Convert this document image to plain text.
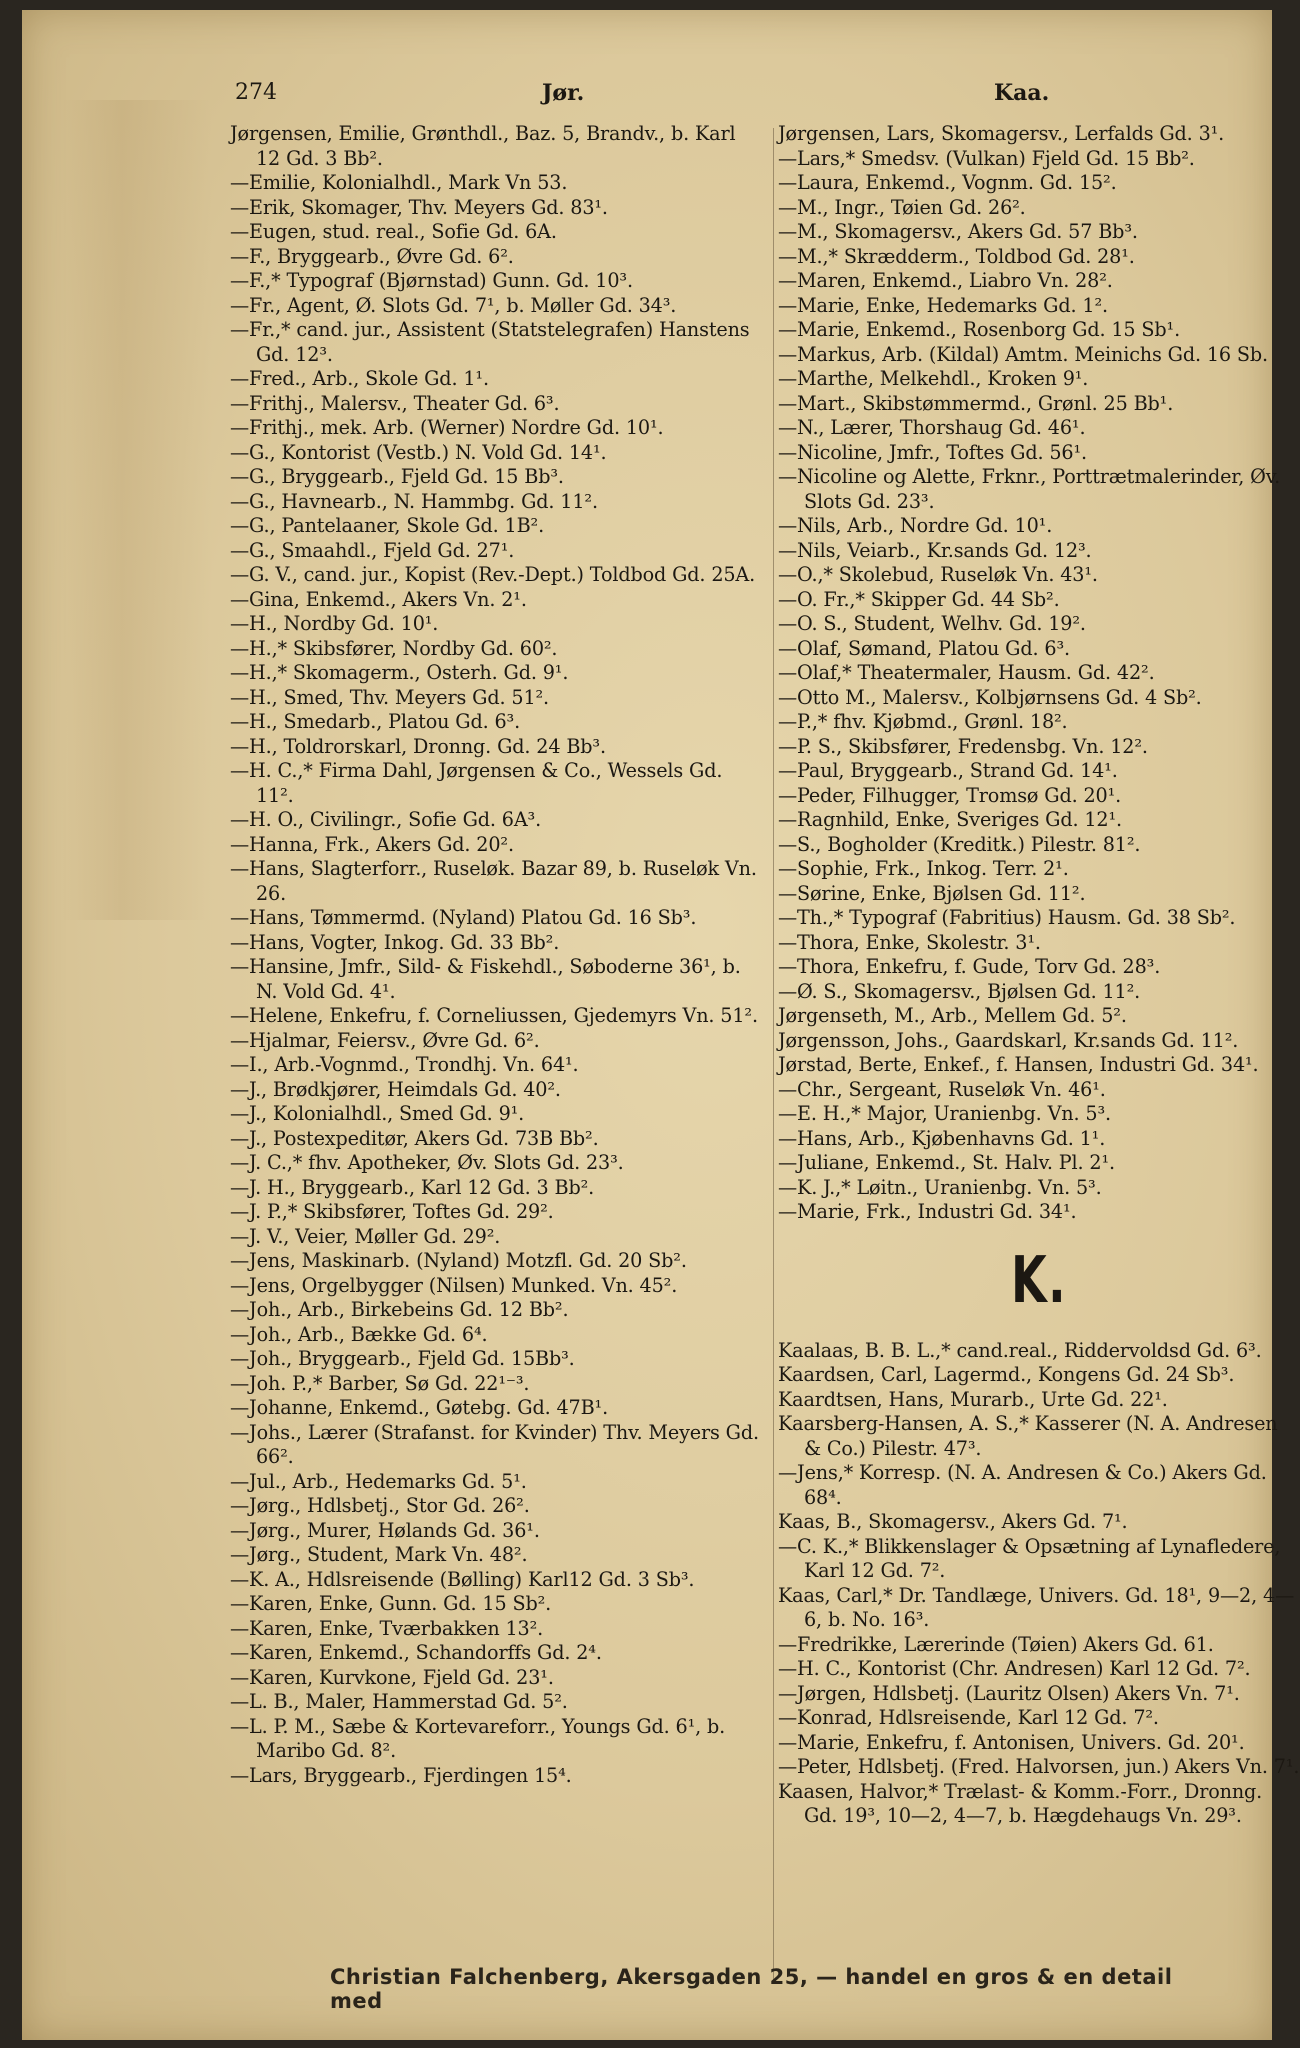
274	Jør.	Kaa.

Jørgensen, Emilie, Grønthdl., Baz. 5, Brandv., b. Karl 12 Gd. 3 Bb².

—Emilie, Kolonialhdl., Mark Vn 53.

—Erik, Skomager, Thv. Meyers Gd. 83¹.

—Eugen, stud. real., Sofie Gd. 6A.

—F., Bryggearb., Øvre Gd. 6².

—F.,* Typograf (Bjørnstad) Gunn. Gd. 10³.

—Fr., Agent, Ø. Slots Gd. 7¹, b. Møller Gd. 34³.

—Fr.,* cand. jur., Assistent (Statstelegrafen) Hanstens Gd. 12³.

—Fred., Arb., Skole Gd. 1¹.

—Frithj., Malersv., Theater Gd. 6³.

—Frithj., mek. Arb. (Werner) Nordre Gd. 10¹.

—G., Kontorist (Vestb.) N. Vold Gd. 14¹.

—G., Bryggearb., Fjeld Gd. 15 Bb³.

—G., Havnearb., N. Hammbg. Gd. 11².

—G., Pantelaaner, Skole Gd. 1B².

—G., Smaahdl., Fjeld Gd. 27¹.

—G. V., cand. jur., Kopist (Rev.-Dept.) Toldbod Gd. 25A.

—Gina, Enkemd., Akers Vn. 2¹.

—H., Nordby Gd. 10¹.

—H.,* Skibsfører, Nordby Gd. 60².

—H.,* Skomagerm., Osterh. Gd. 9¹.

—H., Smed, Thv. Meyers Gd. 51².

—H., Smedarb., Platou Gd. 6³.

—H., Toldrorskarl, Dronng. Gd. 24 Bb³.

—H. C.,* Firma Dahl, Jørgensen & Co., Wessels Gd. 11².

—H. O., Civilingr., Sofie Gd. 6A³.

—Hanna, Frk., Akers Gd. 20².

—Hans, Slagterforr., Ruseløk. Bazar 89, b. Ruseløk Vn. 26.

—Hans, Tømmermd. (Nyland) Platou Gd. 16 Sb³.

—Hans, Vogter, Inkog. Gd. 33 Bb².

—Hansine, Jmfr., Sild- & Fiskehdl., Søboderne 36¹, b. N. Vold Gd. 4¹.

—Helene, Enkefru, f. Corneliussen, Gjedemyrs Vn. 51².

—Hjalmar, Feiersv., Øvre Gd. 6².

—I., Arb.-Vognmd., Trondhj. Vn. 64¹.

—J., Brødkjører, Heimdals Gd. 40².

—J., Kolonialhdl., Smed Gd. 9¹.

—J., Postexpeditør, Akers Gd. 73B Bb².

—J. C.,* fhv. Apotheker, Øv. Slots Gd. 23³.

—J. H., Bryggearb., Karl 12 Gd. 3 Bb².

—J. P.,* Skibsfører, Toftes Gd. 29².

—J. V., Veier, Møller Gd. 29².

—Jens, Maskinarb. (Nyland) Motzfl. Gd. 20 Sb².

—Jens, Orgelbygger (Nilsen) Munked. Vn. 45².

—Joh., Arb., Birkebeins Gd. 12 Bb².

—Joh., Arb., Bække Gd. 6⁴.

—Joh., Bryggearb., Fjeld Gd. 15Bb³.

—Joh. P.,* Barber, Sø Gd. 22¹⁻³.

—Johanne, Enkemd., Gøtebg. Gd. 47B¹.

—Johs., Lærer (Strafanst. for Kvinder) Thv. Meyers Gd. 66².

—Jul., Arb., Hedemarks Gd. 5¹.

—Jørg., Hdlsbetj., Stor Gd. 26².

—Jørg., Murer, Hølands Gd. 36¹.

—Jørg., Student, Mark Vn. 48².

—K. A., Hdlsreisende (Bølling) Karl12 Gd. 3 Sb³.

—Karen, Enke, Gunn. Gd. 15 Sb².

—Karen, Enke, Tværbakken 13².

—Karen, Enkemd., Schandorffs Gd. 2⁴.

—Karen, Kurvkone, Fjeld Gd. 23¹.

—L. B., Maler, Hammerstad Gd. 5².

—L. P. M., Sæbe & Kortevareforr., Youngs Gd. 6¹, b. Maribo Gd. 8².

—Lars, Bryggearb., Fjerdingen 15⁴.

Jørgensen, Lars, Skomagersv., Lerfalds Gd. 3¹.

—Lars,* Smedsv. (Vulkan) Fjeld Gd. 15 Bb².

—Laura, Enkemd., Vognm. Gd. 15².

—M., Ingr., Tøien Gd. 26².

—M., Skomagersv., Akers Gd. 57 Bb³.

—M.,* Skrædderm., Toldbod Gd. 28¹.

—Maren, Enkemd., Liabro Vn. 28².

—Marie, Enke, Hedemarks Gd. 1².

—Marie, Enkemd., Rosenborg Gd. 15 Sb¹.

—Markus, Arb. (Kildal) Amtm. Meinichs Gd. 16 Sb.

—Marthe, Melkehdl., Kroken 9¹.

—Mart., Skibstømmermd., Grønl. 25 Bb¹.

—N., Lærer, Thorshaug Gd. 46¹.

—Nicoline, Jmfr., Toftes Gd. 56¹.

—Nicoline og Alette, Frknr., Porttrætmalerinder, Øv. Slots Gd. 23³.

—Nils, Arb., Nordre Gd. 10¹.

—Nils, Veiarb., Kr.sands Gd. 12³.

—O.,* Skolebud, Ruseløk Vn. 43¹.

—O. Fr.,* Skipper Gd. 44 Sb².

—O. S., Student, Welhv. Gd. 19².

—Olaf, Sømand, Platou Gd. 6³.

—Olaf,* Theatermaler, Hausm. Gd. 42².

—Otto M., Malersv., Kolbjørnsens Gd. 4 Sb².

—P.,* fhv. Kjøbmd., Grønl. 18².

—P. S., Skibsfører, Fredensbg. Vn. 12².

—Paul, Bryggearb., Strand Gd. 14¹.

—Peder, Filhugger, Tromsø Gd. 20¹.

—Ragnhild, Enke, Sveriges Gd. 12¹.

—S., Bogholder (Kreditk.) Pilestr. 81².

—Sophie, Frk., Inkog. Terr. 2¹.

—Sørine, Enke, Bjølsen Gd. 11².

—Th.,* Typograf (Fabritius) Hausm. Gd. 38 Sb².

—Thora, Enke, Skolestr. 3¹.

—Thora, Enkefru, f. Gude, Torv Gd. 28³.

—Ø. S., Skomagersv., Bjølsen Gd. 11².

Jørgenseth, M., Arb., Mellem Gd. 5².

Jørgensson, Johs., Gaardskarl, Kr.sands Gd. 11².

Jørstad, Berte, Enkef., f. Hansen, Industri Gd. 34¹.

—Chr., Sergeant, Ruseløk Vn. 46¹.

—E. H.,* Major, Uranienbg. Vn. 5³.

—Hans, Arb., Kjøbenhavns Gd. 1¹.

—Juliane, Enkemd., St. Halv. Pl. 2¹.

—K. J.,* Løitn., Uranienbg. Vn. 5³.

—Marie, Frk., Industri Gd. 34¹.

K.

Kaalaas, B. B. L.,* cand.real., Riddervoldsd Gd. 6³.

Kaardsen, Carl, Lagermd., Kongens Gd. 24 Sb³.

Kaardtsen, Hans, Murarb., Urte Gd. 22¹.

Kaarsberg-Hansen, A. S.,* Kasserer (N. A. Andresen & Co.) Pilestr. 47³.

—Jens,* Korresp. (N. A. Andresen & Co.) Akers Gd. 68⁴.

Kaas, B., Skomagersv., Akers Gd. 7¹.

—C. K.,* Blikkenslager & Opsætning af Lynafledere, Karl 12 Gd. 7².

Kaas, Carl,* Dr. Tandlæge, Univers. Gd. 18¹, 9—2, 4—6, b. No. 16³.

—Fredrikke, Lærerinde (Tøien) Akers Gd. 61.

—H. C., Kontorist (Chr. Andresen) Karl 12 Gd. 7².

—Jørgen, Hdlsbetj. (Lauritz Olsen) Akers Vn. 7¹.

—Konrad, Hdlsreisende, Karl 12 Gd. 7².

—Marie, Enkefru, f. Antonisen, Univers. Gd. 20¹.

—Peter, Hdlsbetj. (Fred. Halvorsen, jun.) Akers Vn. 7¹.

Kaasen, Halvor,* Trælast- & Komm.-Forr., Dronng. Gd. 19³, 10—2, 4—7, b. Hægdehaugs Vn. 29³.

Christian Falchenberg, Akersgaden 25, — handel en gros & en detail med
